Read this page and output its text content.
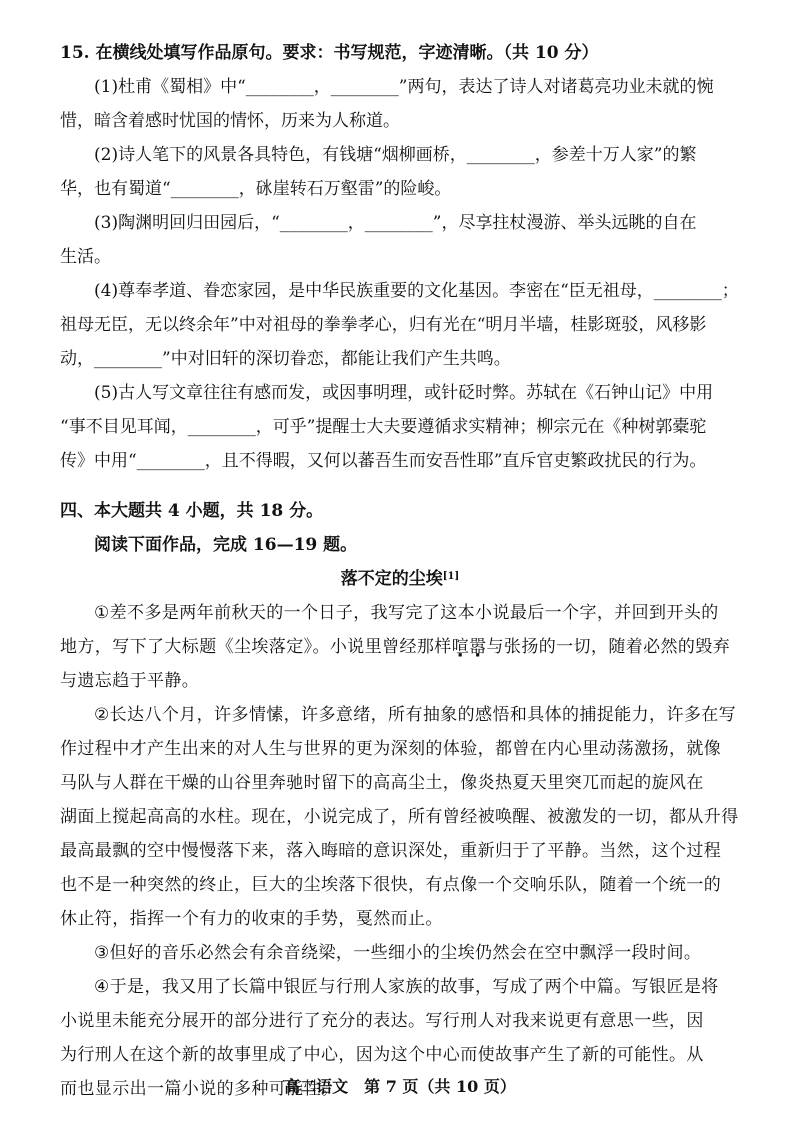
15. 在横线处填写作品原句。要求：书写规范，字迹清晰。（共 10 分）
(1)杜甫《蜀相》中“________，________”两句，表达了诗人对诸葛亮功业未就的惋
惜，暗含着感时忧国的情怀，历来为人称道。
(2)诗人笔下的风景各具特色，有钱塘“烟柳画桥，________，参差十万人家”的繁
华，也有蜀道“________，砯崖转石万壑雷”的险峻。
(3)陶渊明回归田园后，“________，________”，尽享拄杖漫游、举头远眺的自在
生活。
(4)尊奉孝道、眷恋家园，是中华民族重要的文化基因。李密在“臣无祖母，________；
祖母无臣，无以终余年”中对祖母的拳拳孝心，归有光在“明月半墙，桂影斑驳，风移影
动，________”中对旧轩的深切眷恋，都能让我们产生共鸣。
(5)古人写文章往往有感而发，或因事明理，或针砭时弊。苏轼在《石钟山记》中用
“事不目见耳闻，________，可乎”提醒士大夫要遵循求实精神；柳宗元在《种树郭橐驼
传》中用“________，且不得暇，又何以蕃吾生而安吾性耶”直斥官吏繁政扰民的行为。
四、本大题共 4 小题，共 18 分。
阅读下面作品，完成 16—19 题。
落不定的尘埃[1]
①差不多是两年前秋天的一个日子，我写完了这本小说最后一个字，并回到开头的
地方，写下了大标题《尘埃落定》。小说里曾经那样喧嚣与张扬的一切，随着必然的毁弃
与遗忘趋于平静。
②长达八个月，许多情愫，许多意绪，所有抽象的感悟和具体的捕捉能力，许多在写
作过程中才产生出来的对人生与世界的更为深刻的体验，都曾在内心里动荡激扬，就像
马队与人群在干燥的山谷里奔驰时留下的高高尘土，像炎热夏天里突兀而起的旋风在
湖面上搅起高高的水柱。现在，小说完成了，所有曾经被唤醒、被激发的一切，都从升得
最高最飘的空中慢慢落下来，落入晦暗的意识深处，重新归于了平静。当然，这个过程
也不是一种突然的终止，巨大的尘埃落下很快，有点像一个交响乐队，随着一个统一的
休止符，指挥一个有力的收束的手势，戛然而止。
③但好的音乐必然会有余音绕梁，一些细小的尘埃仍然会在空中飘浮一段时间。
④于是，我又用了长篇中银匠与行刑人家族的故事，写成了两个中篇。写银匠是将
小说里未能充分展开的部分进行了充分的表达。写行刑人对我来说更有意思一些，因
为行刑人在这个新的故事里成了中心，因为这个中心而使故事产生了新的可能性。从
而也显示出一篇小说的多种可能性。
高二语文　第 7 页（共 10 页）
